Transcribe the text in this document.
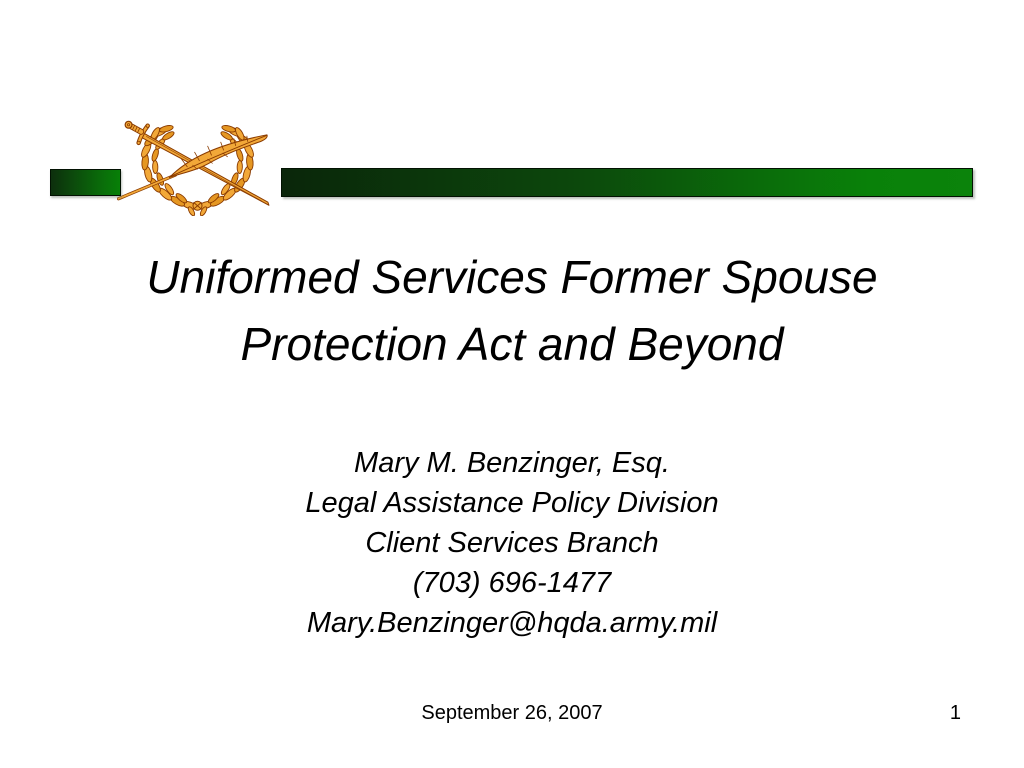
Uniformed Services Former Spouse
Protection Act and Beyond
Mary M. Benzinger, Esq.
Legal Assistance Policy Division
Client Services Branch
(703) 696-1477
Mary.Benzinger@hqda.army.mil
September 26, 2007	1
